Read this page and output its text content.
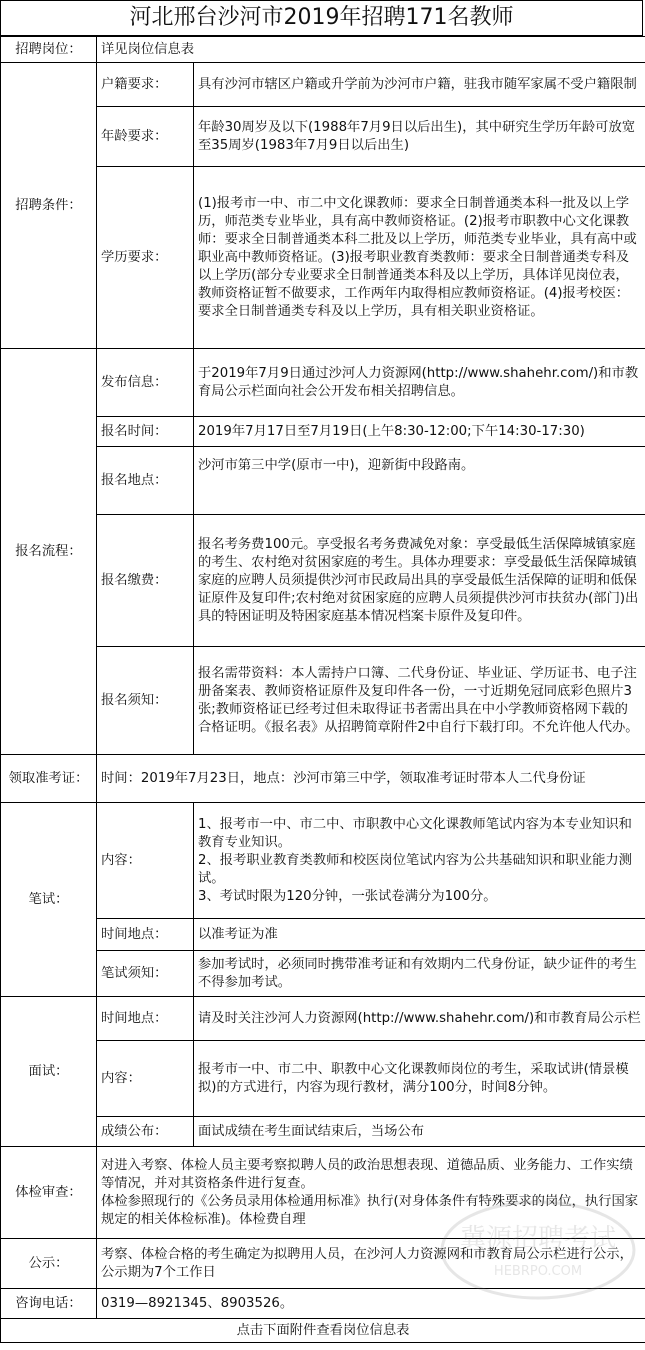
河北邢台沙河市2019年招聘171名教师
招聘岗位：	详见岗位信息表	
招聘条件：	户籍要求：	具有沙河市辖区户籍或升学前为沙河市户籍，驻我市随军家属不受户籍限制
	年龄要求：	年龄30周岁及以下(1988年7月9日以后出生)，其中研究生学历年龄可放宽至35周岁(1983年7月9日以后出生)
	学历要求：	(1)报考市一中、市二中文化课教师：要求全日制普通类本科一批及以上学历，师范类专业毕业，具有高中教师资格证。(2)报考市职教中心文化课教师：要求全日制普通类本科二批及以上学历，师范类专业毕业，具有高中或职业高中教师资格证。(3)报考职业教育类教师：要求全日制普通类专科及以上学历(部分专业要求全日制普通类本科及以上学历，具体详见岗位表，教师资格证暂不做要求，工作两年内取得相应教师资格证。(4)报考校医：要求全日制普通类专科及以上学历，具有相关职业资格证。
报名流程：	发布信息：	于2019年7月9日通过沙河人力资源网(http://www.shahehr.com/)和市教育局公示栏面向社会公开发布相关招聘信息。
	报名时间：	2019年7月17日至7月19日(上午8:30-12:00;下午14:30-17:30)
	报名地点：	沙河市第三中学(原市一中)，迎新街中段路南。
	报名缴费：	报名考务费100元。享受报名考务费减免对象：享受最低生活保障城镇家庭的考生、农村绝对贫困家庭的考生。具体办理要求：享受最低生活保障城镇家庭的应聘人员须提供沙河市民政局出具的享受最低生活保障的证明和低保证原件及复印件;农村绝对贫困家庭的应聘人员须提供沙河市扶贫办(部门)出具的特困证明及特困家庭基本情况档案卡原件及复印件。
	报名须知：	报名需带资料：本人需持户口簿、二代身份证、毕业证、学历证书、电子注册备案表、教师资格证原件及复印件各一份，一寸近期免冠同底彩色照片3张;教师资格证已经考过但未取得证书者需出具在中小学教师资格网下载的合格证明。《报名表》从招聘简章附件2中自行下载打印。不允许他人代办。
领取准考证：	时间：2019年7月23日，地点：沙河市第三中学，领取准考证时带本人二代身份证	
笔试：	内容：	1、报考市一中、市二中、市职教中心文化课教师笔试内容为本专业知识和教育专业知识。
2、报考职业教育类教师和校医岗位笔试内容为公共基础知识和职业能力测试。
3、考试时限为120分钟，一张试卷满分为100分。

	时间地点：	以准考证为准
	笔试须知：	参加考试时，必须同时携带准考证和有效期内二代身份证，缺少证件的考生不得参加考试。
面试：	时间地点：	请及时关注沙河人力资源网(http://www.shahehr.com/)和市教育局公示栏
	内容：	报考市一中、市二中、职教中心文化课教师岗位的考生，采取试讲(情景模拟)的方式进行，内容为现行教材，满分100分，时间8分钟。
	成绩公布：	面试成绩在考生面试结束后，当场公布
体检审查：	对进入考察、体检人员主要考察拟聘人员的政治思想表现、道德品质、业务能力、工作实绩等情况，并对其资格条件进行复查。
体检参照现行的《公务员录用体检通用标准》执行(对身体条件有特殊要求的岗位，执行国家规定的相关体检标准)。体检费自理	

公示：	考察、体检合格的考生确定为拟聘用人员，在沙河人力资源网和市教育局公示栏进行公示，公示期为7个工作日	
咨询电话：	0319—8921345、8903526。	
点击下面附件查看岗位信息表		
冀源招聘考试
HEBRPO.COM
